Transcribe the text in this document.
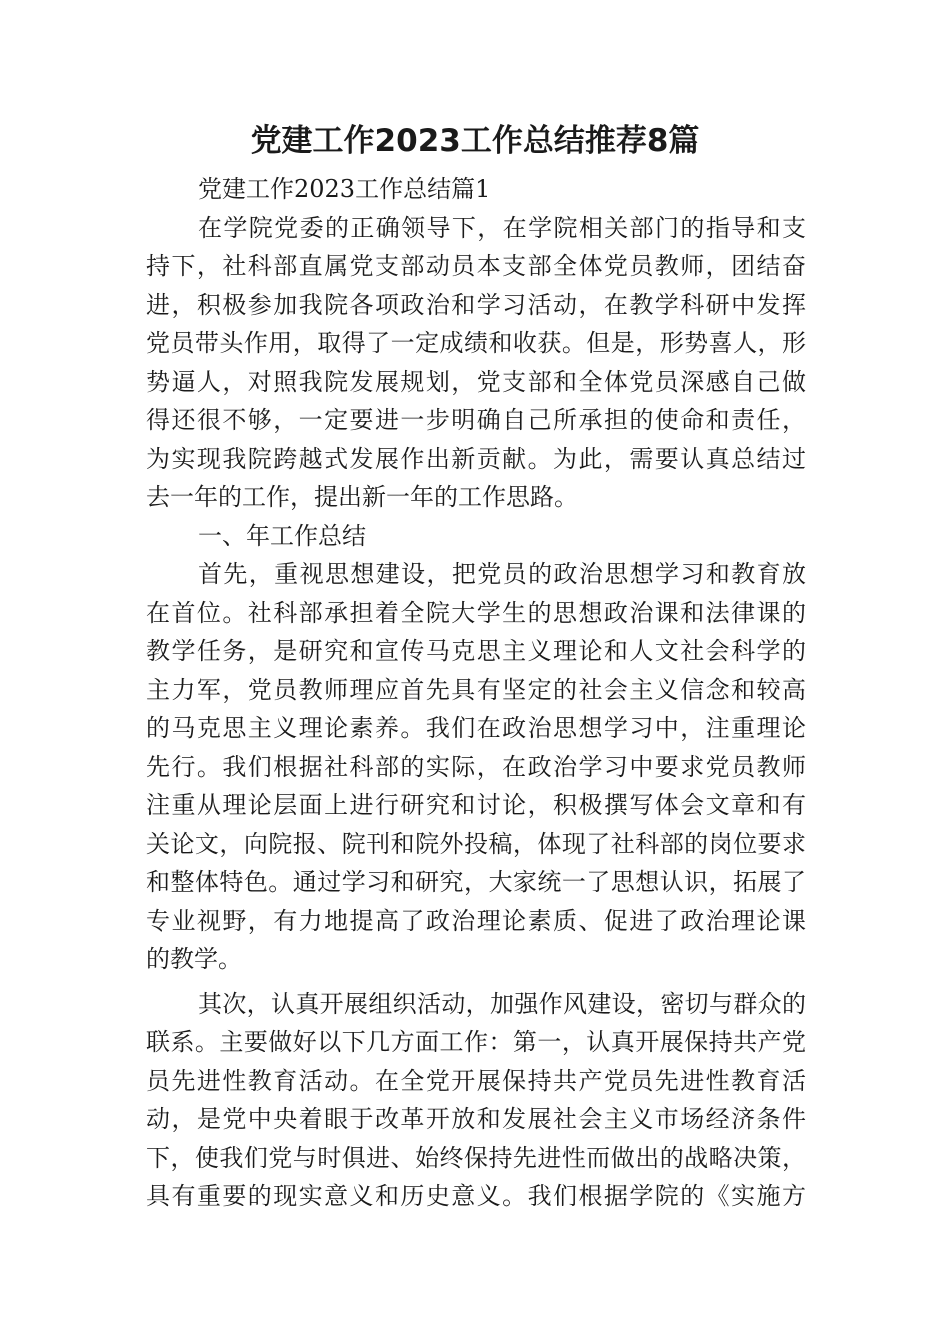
党建工作2023工作总结推荐8篇
党建工作2023工作总结篇1
在学院党委的正确领导下，在学院相关部门的指导和支
持下，社科部直属党支部动员本支部全体党员教师，团结奋
进，积极参加我院各项政治和学习活动，在教学科研中发挥
党员带头作用，取得了一定成绩和收获。但是，形势喜人，形
势逼人，对照我院发展规划，党支部和全体党员深感自己做
得还很不够，一定要进一步明确自己所承担的使命和责任，
为实现我院跨越式发展作出新贡献。为此，需要认真总结过
去一年的工作，提出新一年的工作思路。
一、年工作总结
首先，重视思想建设，把党员的政治思想学习和教育放
在首位。社科部承担着全院大学生的思想政治课和法律课的
教学任务，是研究和宣传马克思主义理论和人文社会科学的
主力军，党员教师理应首先具有坚定的社会主义信念和较高
的马克思主义理论素养。我们在政治思想学习中，注重理论
先行。我们根据社科部的实际，在政治学习中要求党员教师
注重从理论层面上进行研究和讨论，积极撰写体会文章和有
关论文，向院报、院刊和院外投稿，体现了社科部的岗位要求
和整体特色。通过学习和研究，大家统一了思想认识，拓展了
专业视野，有力地提高了政治理论素质、促进了政治理论课
的教学。
其次，认真开展组织活动，加强作风建设，密切与群众的
联系。主要做好以下几方面工作：第一，认真开展保持共产党
员先进性教育活动。在全党开展保持共产党员先进性教育活
动，是党中央着眼于改革开放和发展社会主义市场经济条件
下，使我们党与时俱进、始终保持先进性而做出的战略决策，
具有重要的现实意义和历史意义。我们根据学院的《实施方
